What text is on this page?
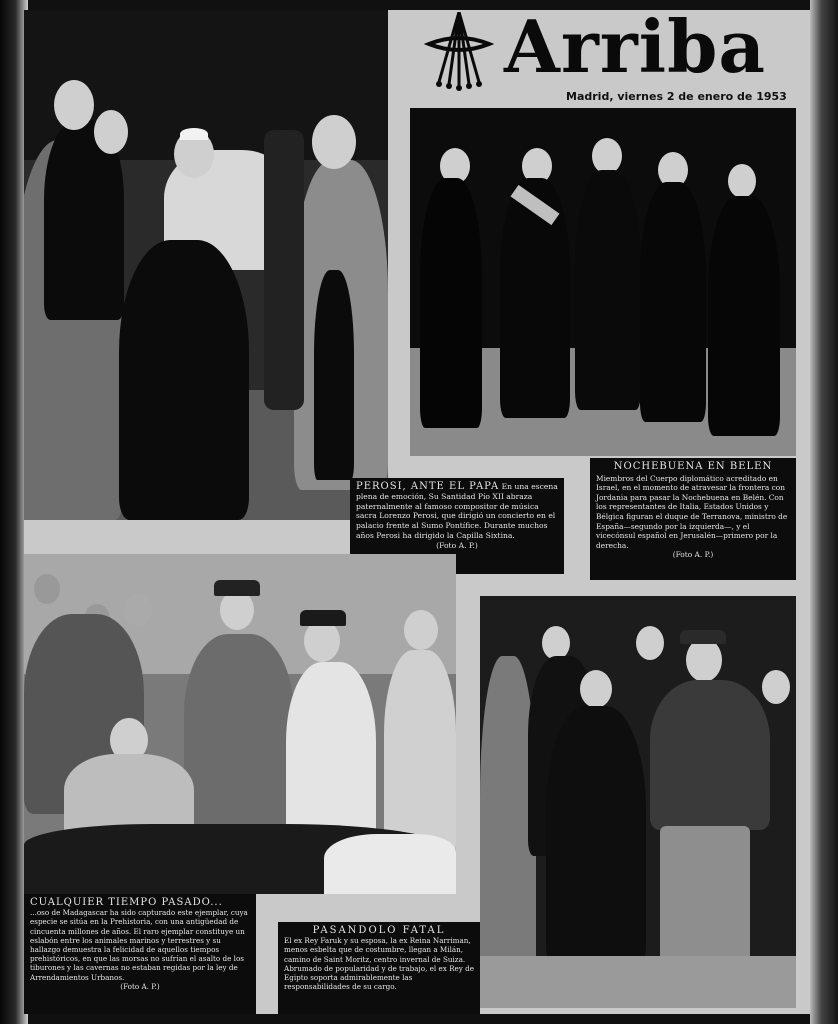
Arriba
Madrid, viernes 2 de enero de 1953
PEROSI, ANTE EL PAPA En una escena plena de emoción, Su Santidad Pío XII abraza paternalmente al famoso compositor de música sacra Lorenzo Perosi, que dirigió un concierto en el palacio frente al Sumo Pontífice. Durante muchos años Perosi ha dirigido la Capilla Sixtina.
(Foto A. P.)
NOCHEBUENA EN BELEN
Miembros del Cuerpo diplomático acreditado en Israel, en el momento de atravesar la frontera con Jordania para pasar la Nochebuena en Belén. Con los representantes de Italia, Estados Unidos y Bélgica figuran el duque de Terranova, ministro de España—segundo por la izquierda—, y el vicecónsul español en Jerusalén—primero por la derecha.
(Foto A. P.)
CUALQUIER TIEMPO PASADO...
...oso de Madagascar ha sido capturado este ejemplar, cuya especie se sitúa en la Prehistoria, con una antigüedad de cincuenta millones de años. El raro ejemplar constituye un eslabón entre los animales marinos y terrestres y su hallazgo demuestra la felicidad de aquellos tiempos prehistóricos, en que las morsas no sufrían el asalto de los tiburones y las cavernas no estaban regidas por la ley de Arrendamientos Urbanos.
(Foto A. P.)
PASANDOLO FATAL
El ex Rey Faruk y su esposa, la ex Reina Narriman, menos esbelta que de costumbre, llegan a Milán, camino de Saint Moritz, centro invernal de Suiza. Abrumado de popularidad y de trabajo, el ex Rey de Egipto soporta admirablemente las responsabilidades de su cargo.
